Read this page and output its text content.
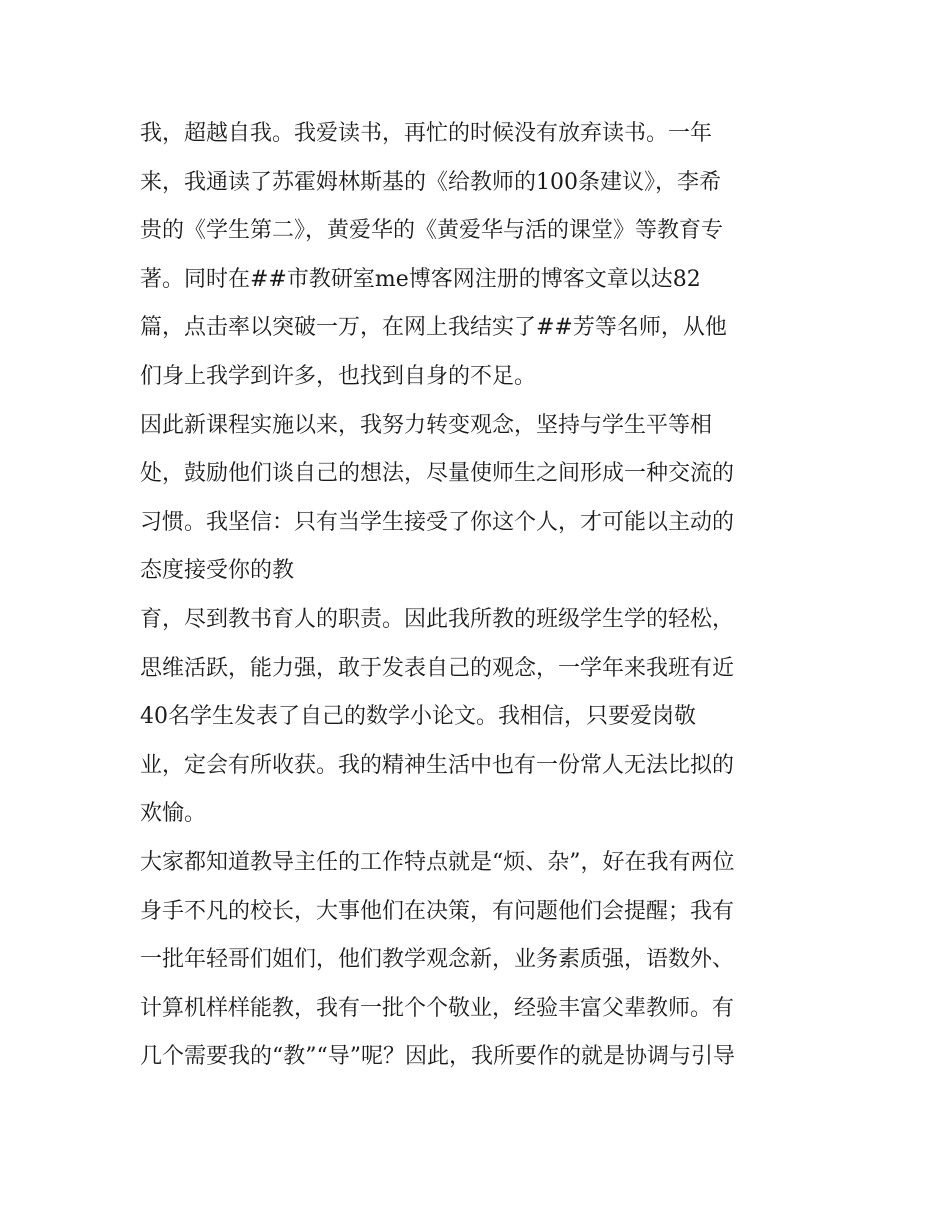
我，超越自我。我爱读书，再忙的时候没有放弃读书。一年
来，我通读了苏霍姆林斯基的《给教师的100条建议》，李希
贵的《学生第二》，黄爱华的《黄爱华与活的课堂》等教育专
著。同时在##市教研室me博客网注册的博客文章以达82
篇，点击率以突破一万，在网上我结实了##芳等名师，从他
们身上我学到许多，也找到自身的不足。
因此新课程实施以来，我努力转变观念，坚持与学生平等相
处，鼓励他们谈自己的想法，尽量使师生之间形成一种交流的
习惯。我坚信：只有当学生接受了你这个人，才可能以主动的
态度接受你的教
育，尽到教书育人的职责。因此我所教的班级学生学的轻松，
思维活跃，能力强，敢于发表自己的观念，一学年来我班有近
40名学生发表了自己的数学小论文。我相信，只要爱岗敬
业，定会有所收获。我的精神生活中也有一份常人无法比拟的
欢愉。
大家都知道教导主任的工作特点就是“烦、杂”，好在我有两位
身手不凡的校长，大事他们在决策，有问题他们会提醒；我有
一批年轻哥们姐们，他们教学观念新，业务素质强，语数外、
计算机样样能教，我有一批个个敬业，经验丰富父辈教师。有
几个需要我的“教”“导”呢？因此，我所要作的就是协调与引导
